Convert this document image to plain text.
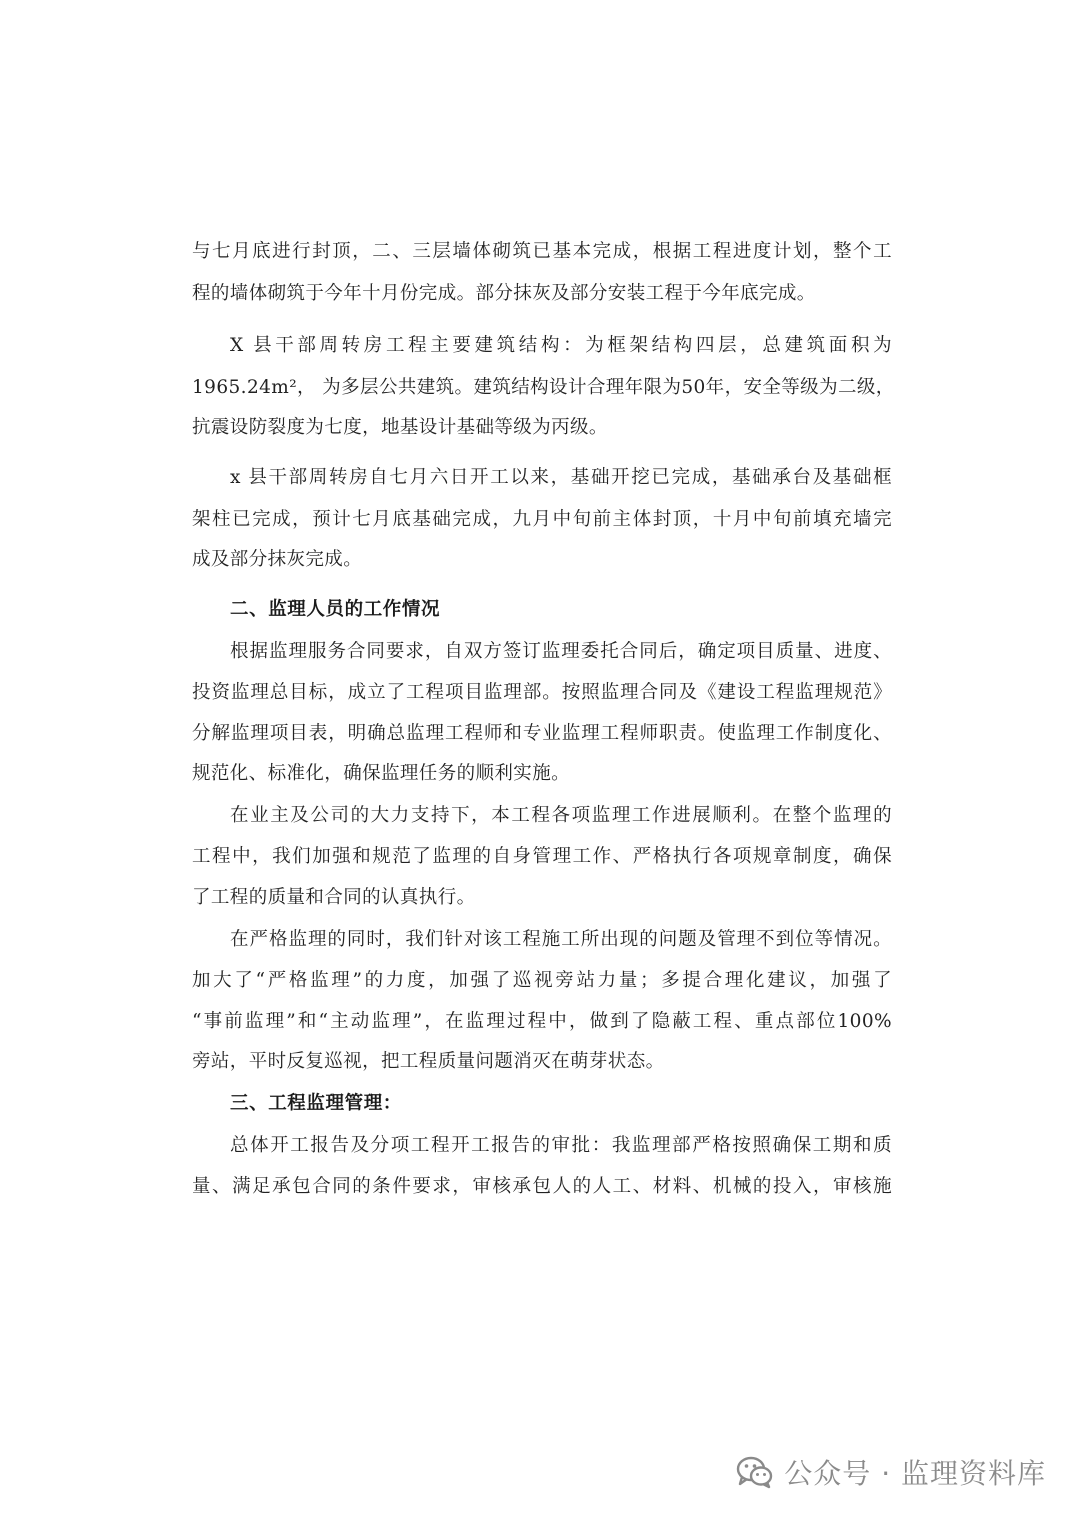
与七月底进行封顶，二、三层墙体砌筑已基本完成，根据工程进度计划，整个工
程的墙体砌筑于今年十月份完成。部分抹灰及部分安装工程于今年底完成。
X 县干部周转房工程主要建筑结构：为框架结构四层，总建筑面积为
1965.24m²， 为多层公共建筑。建筑结构设计合理年限为50年，安全等级为二级，
抗震设防裂度为七度，地基设计基础等级为丙级。
x 县干部周转房自七月六日开工以来，基础开挖已完成，基础承台及基础框
架柱已完成，预计七月底基础完成，九月中旬前主体封顶，十月中旬前填充墙完
成及部分抹灰完成。
二、监理人员的工作情况
根据监理服务合同要求，自双方签订监理委托合同后，确定项目质量、进度、
投资监理总目标，成立了工程项目监理部。按照监理合同及《建设工程监理规范》
分解监理项目表，明确总监理工程师和专业监理工程师职责。使监理工作制度化、
规范化、标准化，确保监理任务的顺利实施。
在业主及公司的大力支持下，本工程各项监理工作进展顺利。在整个监理的
工程中，我们加强和规范了监理的自身管理工作、严格执行各项规章制度，确保
了工程的质量和合同的认真执行。
在严格监理的同时，我们针对该工程施工所出现的问题及管理不到位等情况。
加大了“严格监理”的力度，加强了巡视旁站力量；多提合理化建议，加强了
“事前监理”和“主动监理”，在监理过程中，做到了隐蔽工程、重点部位100%
旁站，平时反复巡视，把工程质量问题消灭在萌芽状态。
三、工程监理管理：
总体开工报告及分项工程开工报告的审批：我监理部严格按照确保工期和质
量、满足承包合同的条件要求，审核承包人的人工、材料、机械的投入，审核施
公众号 · 监理资料库
